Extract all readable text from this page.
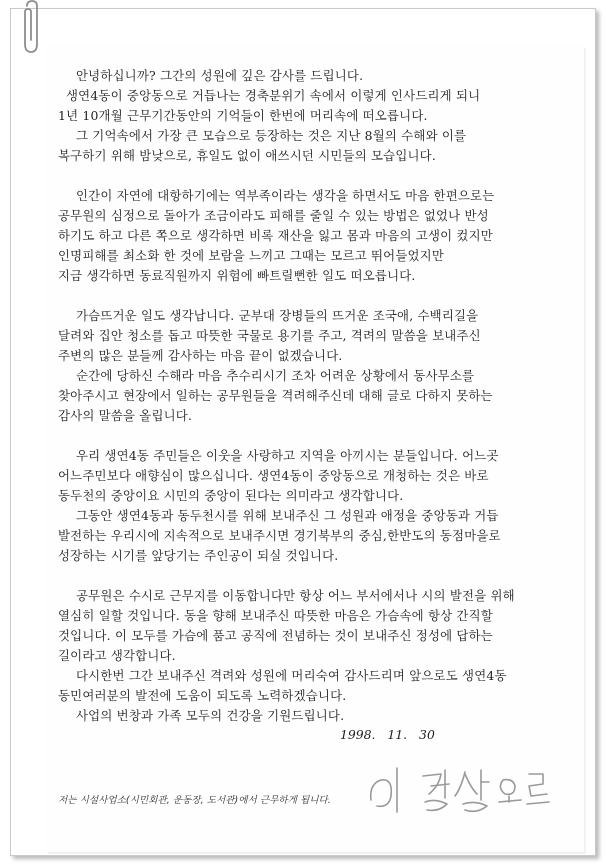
안녕하십니까? 그간의 성원에 깊은 감사를 드립니다.
생연4동이 중앙동으로 거듭나는 경축분위기 속에서 이렇게 인사드리게 되니
1년 10개월 근무기간동안의 기억들이 한번에 머리속에 떠오릅니다.
그 기억속에서 가장 큰 모습으로 등장하는 것은 지난 8월의 수해와 이를
복구하기 위해 밤낮으로, 휴일도 없이 애쓰시던 시민들의 모습입니다.
인간이 자연에 대항하기에는 역부족이라는 생각을 하면서도 마음 한편으로는
공무원의 심정으로 돌아가 조금이라도 피해를 줄일 수 있는 방법은 없었나 반성
하기도 하고 다른 쪽으로 생각하면 비록 재산을 잃고 몸과 마음의 고생이 컸지만
인명피해를 최소화 한 것에 보람을 느끼고 그때는 모르고 뛰어들었지만
지금 생각하면 동료직원까지 위험에 빠트릴뻔한 일도 떠오릅니다.
가슴뜨거운 일도 생각납니다. 군부대 장병들의 뜨거운 조국애, 수백리길을
달려와 집안 청소를 돕고 따뜻한 국물로 용기를 주고, 격려의 말씀을 보내주신
주변의 많은 분들께 감사하는 마음 끝이 없겠습니다.
순간에 당하신 수해라 마음 추수리시기 조차 어려운 상황에서 동사무소를
찾아주시고 현장에서 일하는 공무원들을 격려해주신데 대해 글로 다하지 못하는
감사의 말씀을 올립니다.
우리 생연4동 주민들은 이웃을 사랑하고 지역을 아끼시는 분들입니다. 어느곳
어느주민보다 애향심이 많으십니다. 생연4동이 중앙동으로 개청하는 것은 바로
동두천의 중앙이요 시민의 중앙이 된다는 의미라고 생각합니다.
그동안 생연4동과 동두천시를 위해 보내주신 그 성원과 애정을 중앙동과 거듭
발전하는 우리시에 지속적으로 보내주시면 경기북부의 중심,한반도의 동점마을로
성장하는 시기를 앞당기는 주인공이 되실 것입니다.
공무원은 수시로 근무지를 이동합니다만 항상 어느 부서에서나 시의 발전을 위해
열심히 일할 것입니다. 동을 향해 보내주신 따뜻한 마음은 가슴속에 항상 간직할
것입니다. 이 모두를 가슴에 품고 공직에 전념하는 것이 보내주신 정성에 답하는
길이라고 생각합니다.
다시한번 그간 보내주신 격려와 성원에 머리숙여 감사드리며 앞으로도 생연4동
동민여러분의 발전에 도움이 되도록 노력하겠습니다.
사업의 번창과 가족 모두의 건강을 기원드립니다.
1998. 11. 30
저는 시설사업소(시민회관, 운동장, 도서관)에서 근무하게 됩니다.
